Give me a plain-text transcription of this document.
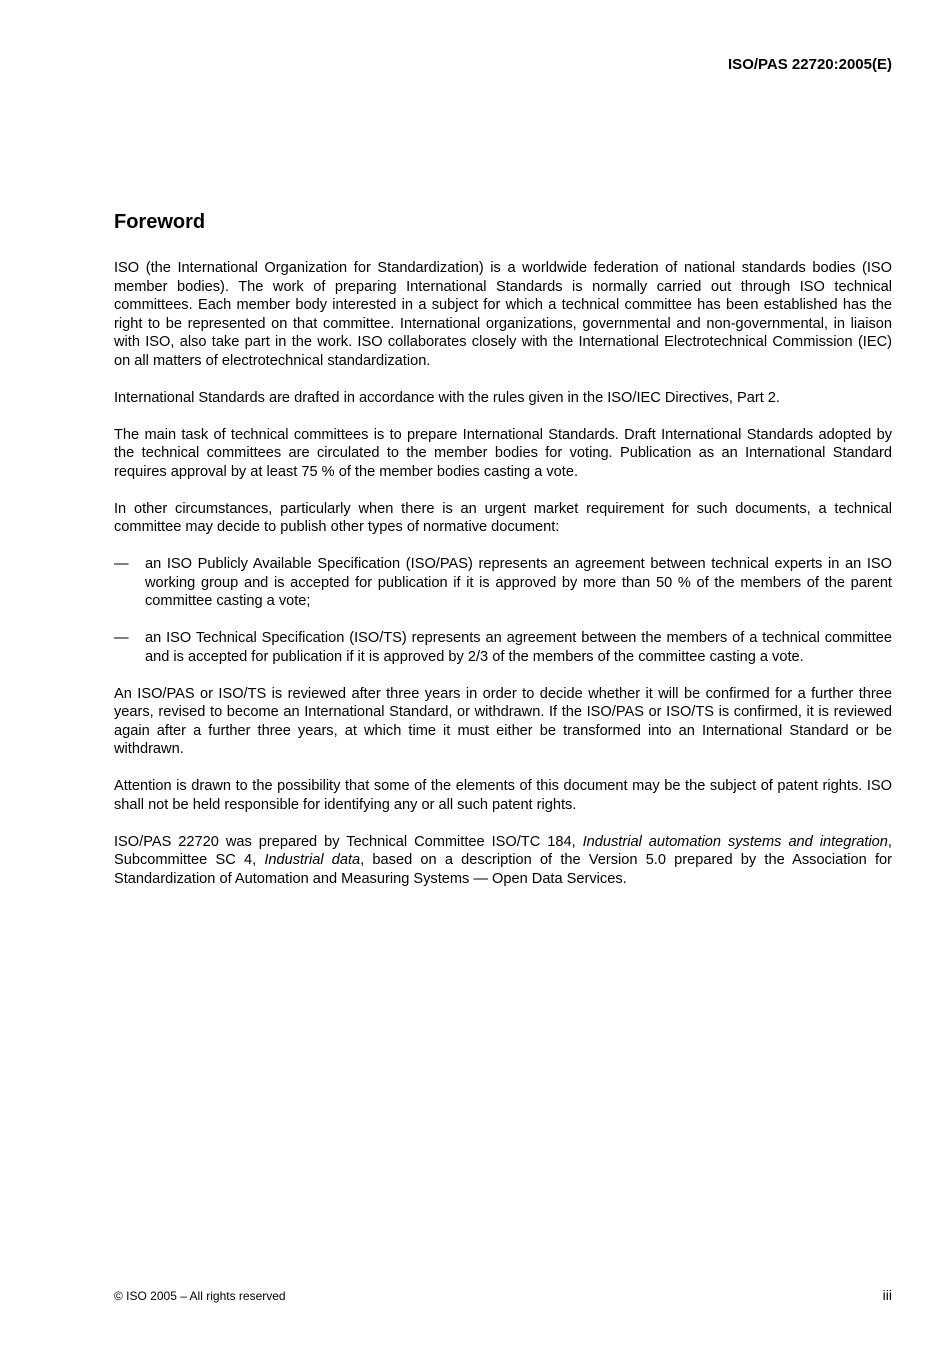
ISO/PAS 22720:2005(E)
Foreword

ISO (the International Organization for Standardization) is a worldwide federation of national standards bodies (ISO member bodies). The work of preparing International Standards is normally carried out through ISO technical committees. Each member body interested in a subject for which a technical committee has been established has the right to be represented on that committee. International organizations, governmental and non-governmental, in liaison with ISO, also take part in the work. ISO collaborates closely with the International Electrotechnical Commission (IEC) on all matters of electrotechnical standardization.

International Standards are drafted in accordance with the rules given in the ISO/IEC Directives, Part 2.

The main task of technical committees is to prepare International Standards. Draft International Standards adopted by the technical committees are circulated to the member bodies for voting. Publication as an International Standard requires approval by at least 75 % of the member bodies casting a vote.

In other circumstances, particularly when there is an urgent market requirement for such documents, a technical committee may decide to publish other types of normative document:

—	an ISO Publicly Available Specification (ISO/PAS) represents an agreement between technical experts in an ISO working group and is accepted for publication if it is approved by more than 50 % of the members of the parent committee casting a vote;
—	an ISO Technical Specification (ISO/TS) represents an agreement between the members of a technical committee and is accepted for publication if it is approved by 2/3 of the members of the committee casting a vote.

An ISO/PAS or ISO/TS is reviewed after three years in order to decide whether it will be confirmed for a further three years, revised to become an International Standard, or withdrawn. If the ISO/PAS or ISO/TS is confirmed, it is reviewed again after a further three years, at which time it must either be transformed into an International Standard or be withdrawn.

Attention is drawn to the possibility that some of the elements of this document may be the subject of patent rights. ISO shall not be held responsible for identifying any or all such patent rights.

ISO/PAS 22720 was prepared by Technical Committee ISO/TC 184, Industrial automation systems and integration, Subcommittee SC 4, Industrial data, based on a description of the Version 5.0 prepared by the Association for Standardization of Automation and Measuring Systems — Open Data Services.

© ISO 2005 – All rights reserved	iii
